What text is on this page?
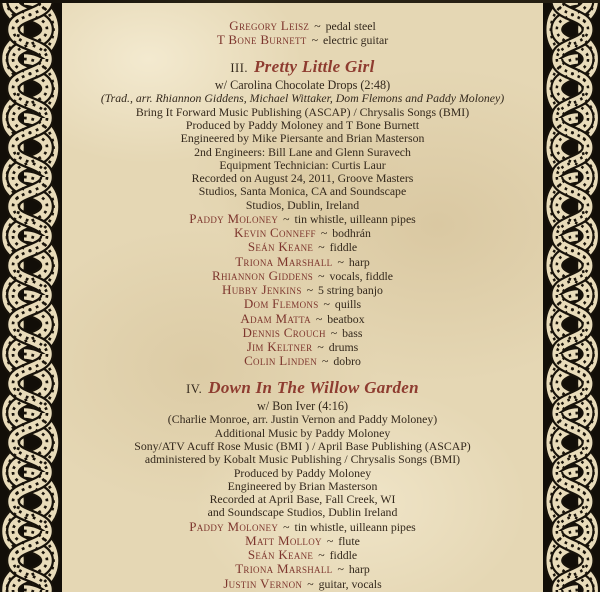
Gregory Leisz ~ pedal steel
T Bone Burnett ~ electric guitar
III. Pretty Little Girl
w/ Carolina Chocolate Drops (2:48)
(Trad., arr. Rhiannon Giddens, Michael Wittaker, Dom Flemons and Paddy Moloney)
Bring It Forward Music Publishing (ASCAP) / Chrysalis Songs (BMI)
Produced by Paddy Moloney and T Bone Burnett
Engineered by Mike Piersante and Brian Masterson
2nd Engineers: Bill Lane and Glenn Suravech
Equipment Technician: Curtis Laur
Recorded on August 24, 2011, Groove Masters
Studios, Santa Monica, CA and Soundscape
Studios, Dublin, Ireland
Paddy Moloney ~ tin whistle, uilleann pipes
Kevin Conneff ~ bodhrán
Seán Keane ~ fiddle
Triona Marshall ~ harp
Rhiannon Giddens ~ vocals, fiddle
Hubby Jenkins ~ 5 string banjo
Dom Flemons ~ quills
Adam Matta ~ beatbox
Dennis Crouch ~ bass
Jim Keltner ~ drums
Colin Linden ~ dobro
IV. Down In The Willow Garden
w/ Bon Iver (4:16)
(Charlie Monroe, arr. Justin Vernon and Paddy Moloney)
Additional Music by Paddy Moloney
Sony/ATV Acuff Rose Music (BMI ) / April Base Publishing (ASCAP)
administered by Kobalt Music Publishing / Chrysalis Songs (BMI)
Produced by Paddy Moloney
Engineered by Brian Masterson
Recorded at April Base, Fall Creek, WI
and Soundscape Studios, Dublin Ireland
Paddy Moloney ~ tin whistle, uilleann pipes
Matt Molloy ~ flute
Seán Keane ~ fiddle
Triona Marshall ~ harp
Justin Vernon ~ guitar, vocals
